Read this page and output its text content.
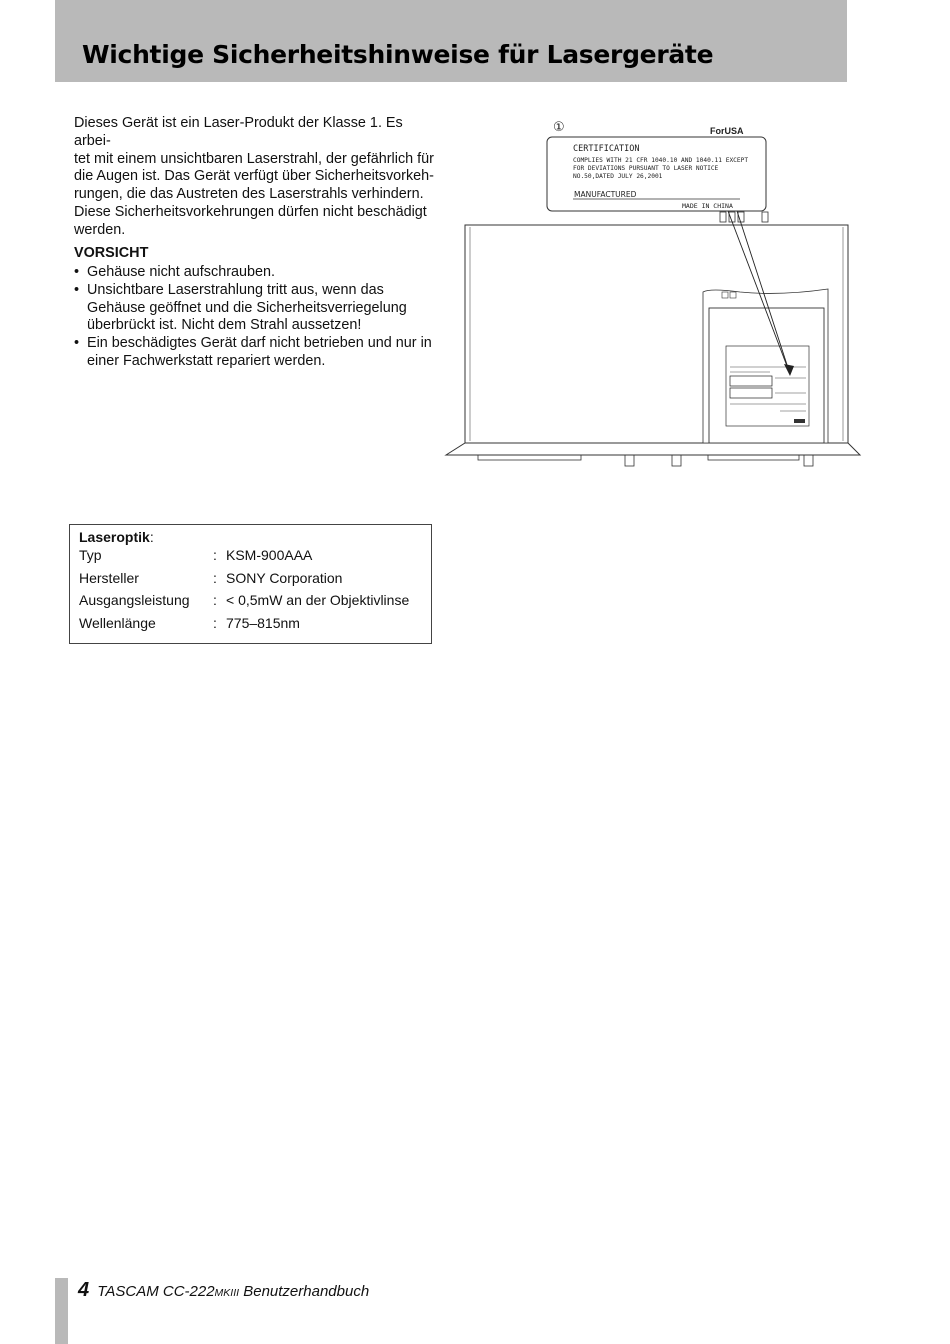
Wichtige Sicherheitshinweise für Lasergeräte

Dieses Gerät ist ein Laser-Produkt der Klasse 1. Es arbei-
tet mit einem unsichtbaren Laserstrahl, der gefährlich für
die Augen ist. Das Gerät verfügt über Sicherheitsvorkeh-
rungen, die das Austreten des Laserstrahls verhindern.
Diese Sicherheitsvorkehrungen dürfen nicht beschädigt
werden.

VORSICHT
• Gehäuse nicht aufschrauben.
• Unsichtbare Laserstrahlung tritt aus, wenn das Gehäuse geöffnet und die Sicherheitsverriegelung überbrückt ist. Nicht dem Strahl aussetzen!
• Ein beschädigtes Gerät darf nicht betrieben und nur in einer Fachwerkstatt repariert werden.
①	ForUSA
CERTIFICATION
COMPLIES WITH 21 CFR 1040.10 AND 1040.11 EXCEPT
FOR DEVIATIONS PURSUANT TO LASER NOTICE
NO.50,DATED JULY 26,2001
MANUFACTURED
MADE IN CHINA

Laseroptik:

Typ	:	KSM-900AAA
Hersteller	:	SONY Corporation
Ausgangsleistung	:	< 0,5mW an der Objektivlinse
Wellenlänge	:	775–815nm
4 TASCAM CC-222MKIII Benutzerhandbuch
